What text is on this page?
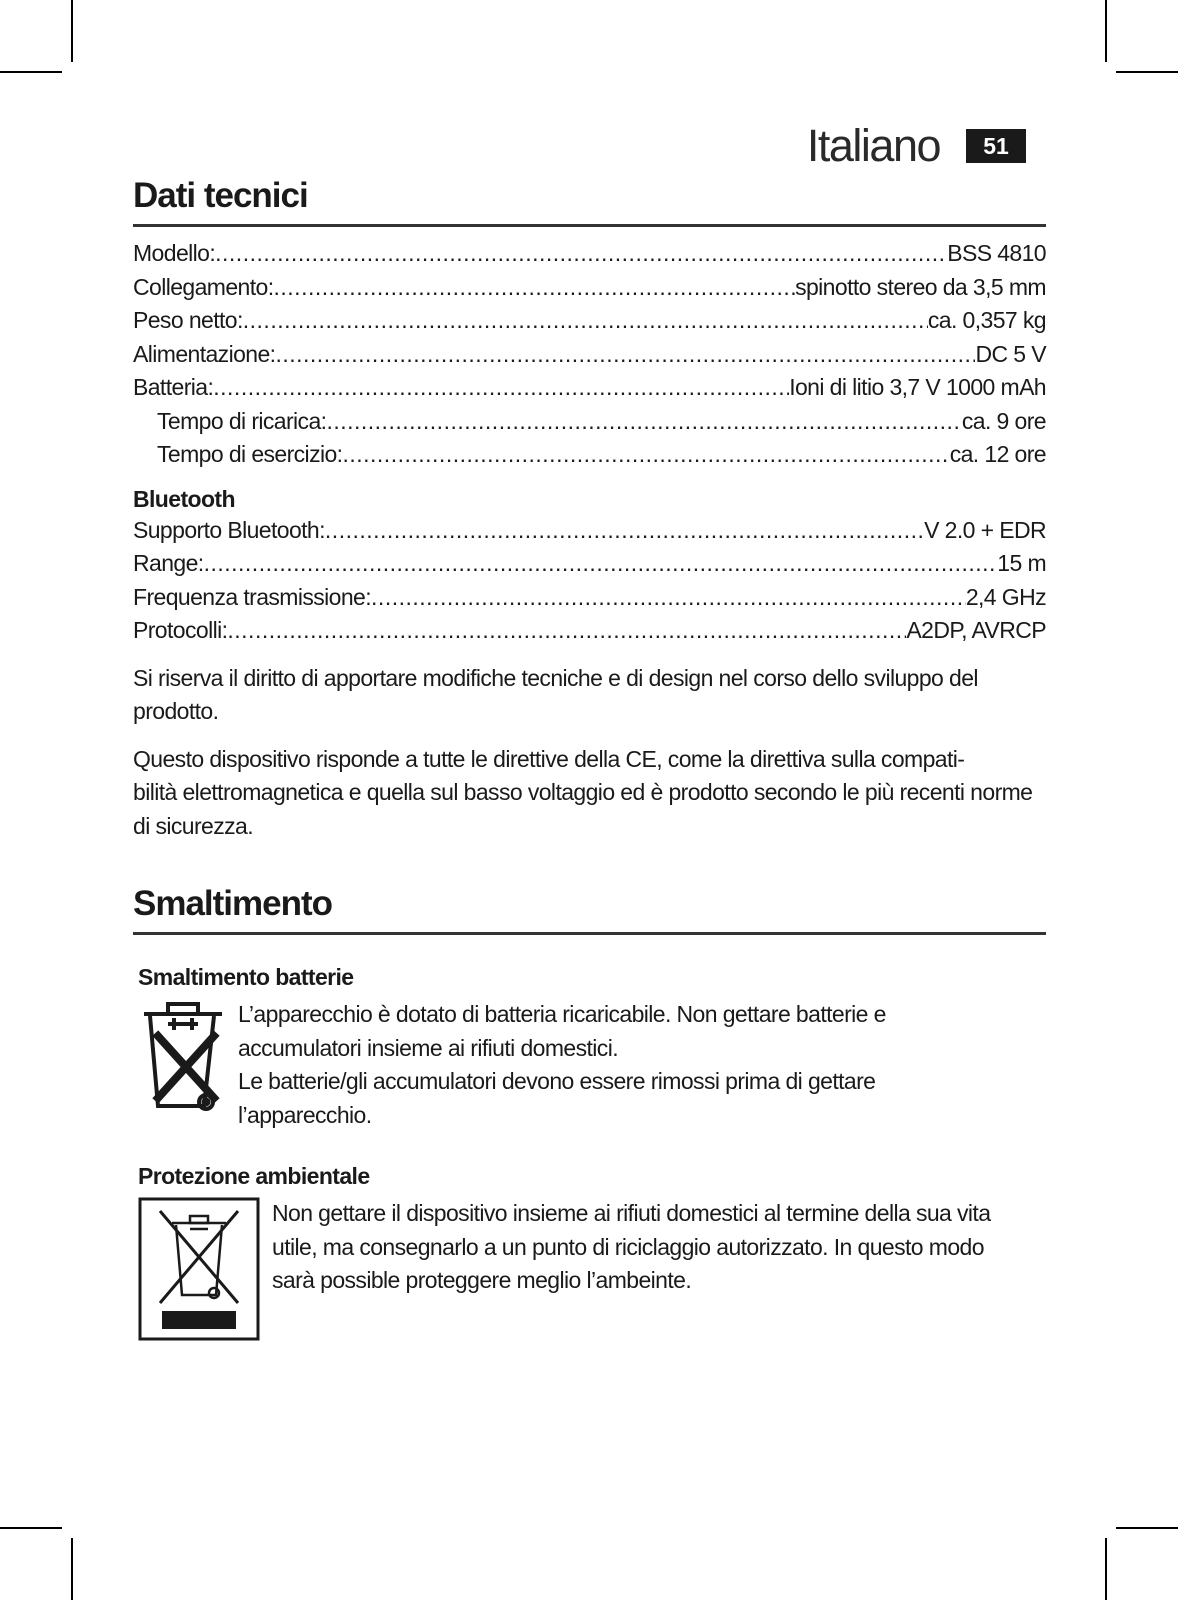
Italiano	51
Dati tecnici
Modello: .....	BSS 4810
Collegamento: .....	spinotto stereo da 3,5 mm
Peso netto: .....	ca. 0,357 kg
Alimentazione: .....	DC 5 V
Batteria: .....	Ioni di litio 3,7 V 1000 mAh
Tempo di ricarica: .....	ca. 9 ore
Tempo di esercizio: .....	ca. 12 ore
Bluetooth
Supporto Bluetooth: .....	V 2.0 + EDR
Range: .....	15 m
Frequenza trasmissione: .....	2,4 GHz
Protocolli: .....	A2DP, AVRCP

Si riserva il diritto di apportare modifiche tecniche e di design nel corso dello sviluppo del prodotto.

Questo dispositivo risponde a tutte le direttive della CE, come la direttiva sulla compati-
bilità elettromagnetica e quella sul basso voltaggio ed è prodotto secondo le più recenti norme di sicurezza.

Smaltimento
Smaltimento batterie

L’apparecchio è dotato di batteria ricaricabile. Non gettare batterie e accumulatori insieme ai rifiuti domestici.

Le batterie/gli accumulatori devono essere rimossi prima di gettare l’apparecchio.

Protezione ambientale

Non gettare il dispositivo insieme ai rifiuti domestici al termine della sua vita utile, ma consegnarlo a un punto di riciclaggio autorizzato. In questo modo sarà possible proteggere meglio l’ambeinte.
